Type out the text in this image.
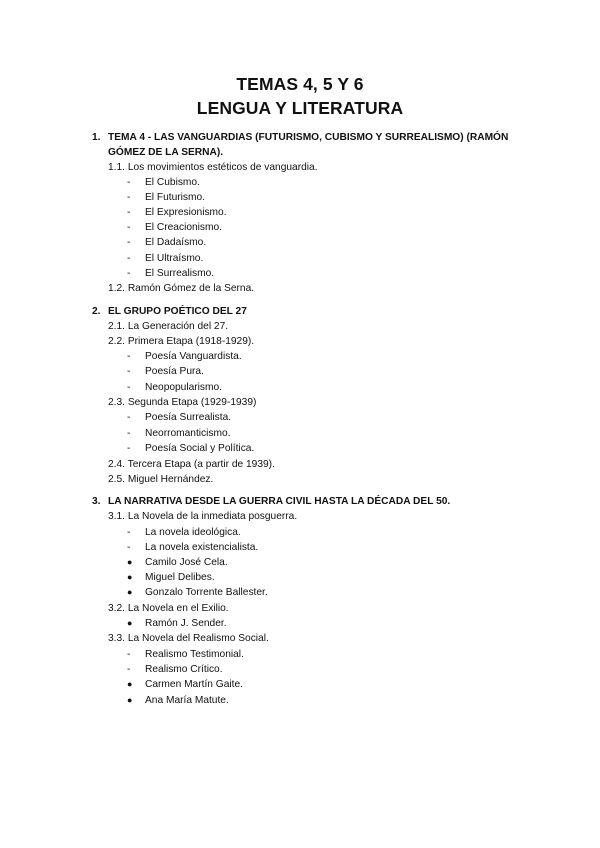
TEMAS 4, 5 Y 6
LENGUA Y LITERATURA
1. TEMA 4 - LAS VANGUARDIAS (FUTURISMO, CUBISMO Y SURREALISMO) (RAMÓN GÓMEZ DE LA SERNA).
1.1. Los movimientos estéticos de vanguardia.
- El Cubismo.
- El Futurismo.
- El Expresionismo.
- El Creacionismo.
- El Dadaísmo.
- El Ultraísmo.
- El Surrealismo.
1.2. Ramón Gómez de la Serna.
2. EL GRUPO POÉTICO DEL 27
2.1. La Generación del 27.
2.2. Primera Etapa (1918-1929).
- Poesía Vanguardista.
- Poesía Pura.
- Neopopularismo.
2.3. Segunda Etapa (1929-1939)
- Poesía Surrealista.
- Neorromanticismo.
- Poesía Social y Política.
2.4. Tercera Etapa (a partir de 1939).
2.5. Miguel Hernández.
3. LA NARRATIVA DESDE LA GUERRA CIVIL HASTA LA DÉCADA DEL 50.
3.1. La Novela de la inmediata posguerra.
- La novela ideológica.
- La novela existencialista.
● Camilo José Cela.
● Miguel Delibes.
● Gonzalo Torrente Ballester.
3.2. La Novela en el Exilio.
● Ramón J. Sender.
3.3. La Novela del Realismo Social.
- Realismo Testimonial.
- Realismo Crítico.
● Carmen Martín Gaite.
● Ana María Matute.
